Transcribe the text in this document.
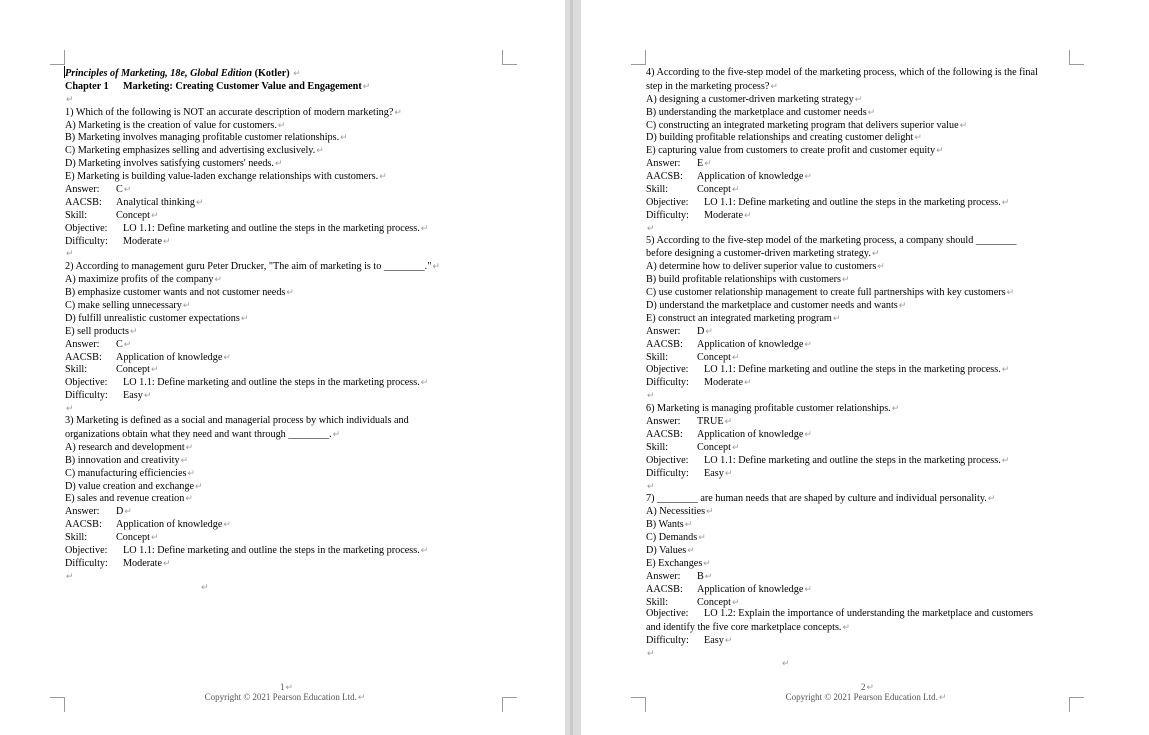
Principles of Marketing, 18e, Global Edition (Kotler) ↵
Chapter 1 Marketing: Creating Customer Value and Engagement↵
↵
1) Which of the following is NOT an accurate description of modern marketing?↵
A) Marketing is the creation of value for customers.↵
B) Marketing involves managing profitable customer relationships.↵
C) Marketing emphasizes selling and advertising exclusively.↵
D) Marketing involves satisfying customers' needs.↵
E) Marketing is building value-laden exchange relationships with customers.↵
Answer: C↵
AACSB: Analytical thinking↵
Skill:	Concept↵
Objective: LO 1.1: Define marketing and outline the steps in the marketing process.↵
Difficulty: Moderate↵
↵
2) According to management guru Peter Drucker, "The aim of marketing is to ________."↵
A) maximize profits of the company↵
B) emphasize customer wants and not customer needs↵
C) make selling unnecessary↵
D) fulfill unrealistic customer expectations↵
E) sell products↵
Answer: C↵
AACSB: Application of knowledge↵
Skill:	Concept↵
Objective: LO 1.1: Define marketing and outline the steps in the marketing process.↵
Difficulty: Easy↵
↵
3) Marketing is defined as a social and managerial process by which individuals and
organizations obtain what they need and want through ________.↵
A) research and development↵
B) innovation and creativity↵
C) manufacturing efficiencies↵
D) value creation and exchange↵
E) sales and revenue creation↵
Answer: D↵
AACSB: Application of knowledge↵
Skill:	Concept↵
Objective: LO 1.1: Define marketing and outline the steps in the marketing process.↵
Difficulty: Moderate↵
↵
1↵
Copyright © 2021 Pearson Education Ltd.↵
↵
4) According to the five-step model of the marketing process, which of the following is the final
step in the marketing process?↵
A) designing a customer-driven marketing strategy↵
B) understanding the marketplace and customer needs↵
C) constructing an integrated marketing program that delivers superior value↵
D) building profitable relationships and creating customer delight↵
E) capturing value from customers to create profit and customer equity↵
Answer: E↵
AACSB: Application of knowledge↵
Skill:	Concept↵
Objective: LO 1.1: Define marketing and outline the steps in the marketing process.↵
Difficulty: Moderate↵
↵
5) According to the five-step model of the marketing process, a company should ________
before designing a customer-driven marketing strategy.↵
A) determine how to deliver superior value to customers↵
B) build profitable relationships with customers↵
C) use customer relationship management to create full partnerships with key customers↵
D) understand the marketplace and customer needs and wants↵
E) construct an integrated marketing program↵
Answer: D↵
AACSB: Application of knowledge↵
Skill:	Concept↵
Objective: LO 1.1: Define marketing and outline the steps in the marketing process.↵
Difficulty: Moderate↵
↵
6) Marketing is managing profitable customer relationships.↵
Answer: TRUE↵
AACSB: Application of knowledge↵
Skill:	Concept↵
Objective: LO 1.1: Define marketing and outline the steps in the marketing process.↵
Difficulty: Easy↵
↵
7) ________ are human needs that are shaped by culture and individual personality.↵
A) Necessities↵
B) Wants↵
C) Demands↵
D) Values↵
E) Exchanges↵
Answer: B↵
AACSB: Application of knowledge↵
Skill:	Concept↵
Objective: LO 1.2: Explain the importance of understanding the marketplace and customers
and identify the five core marketplace concepts.↵
Difficulty: Easy↵
↵
2↵
Copyright © 2021 Pearson Education Ltd.↵
↵
